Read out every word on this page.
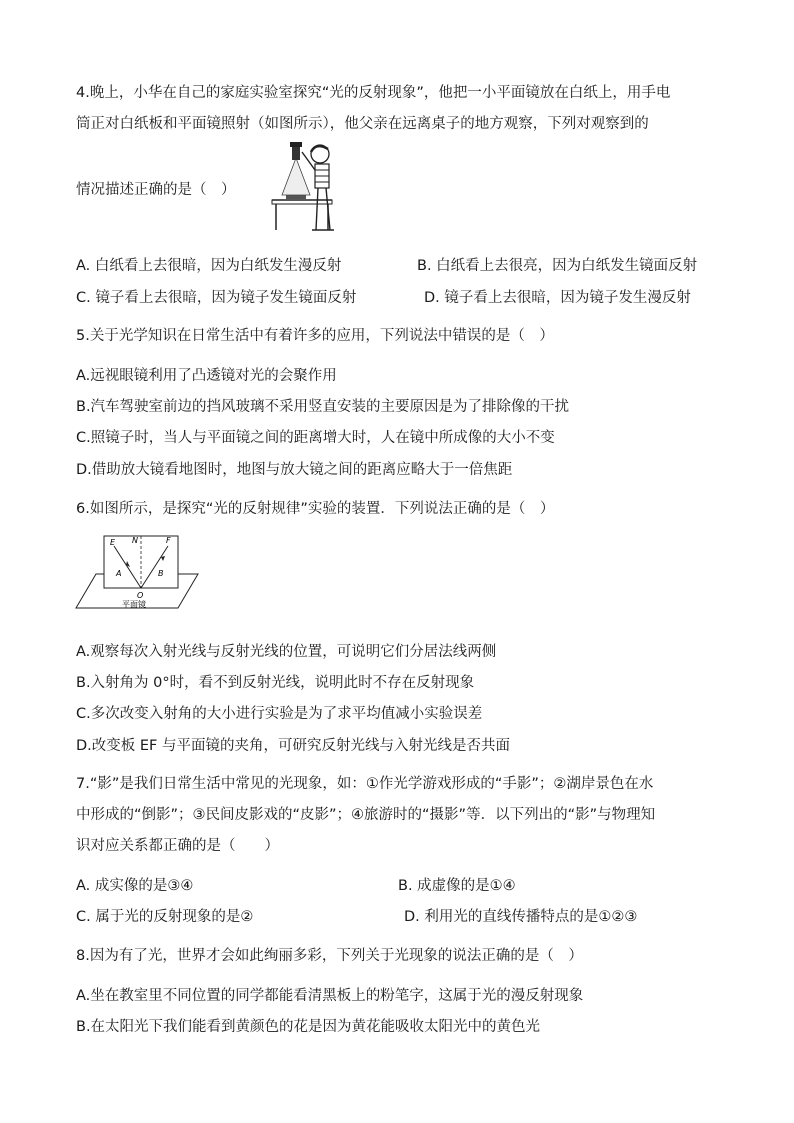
4.晚上，小华在自己的家庭实验室探究“光的反射现象”，他把一小平面镜放在白纸上，用手电
筒正对白纸板和平面镜照射（如图所示），他父亲在远离桌子的地方观察，下列对观察到的
情况描述正确的是（　）
A. 白纸看上去很暗，因为白纸发生漫反射	B. 白纸看上去很亮，因为白纸发生镜面反射
C. 镜子看上去很暗，因为镜子发生镜面反射	D. 镜子看上去很暗，因为镜子发生漫反射
5.关于光学知识在日常生活中有着许多的应用，下列说法中错误的是（　）
A.远视眼镜利用了凸透镜对光的会聚作用
B.汽车驾驶室前边的挡风玻璃不采用竖直安装的主要原因是为了排除像的干扰
C.照镜子时，当人与平面镜之间的距离增大时，人在镜中所成像的大小不变
D.借助放大镜看地图时，地图与放大镜之间的距离应略大于一倍焦距
6.如图所示，是探究“光的反射规律”实验的装置．下列说法正确的是（　）
E N	F
A	B
O
平面镜
A.观察每次入射光线与反射光线的位置，可说明它们分居法线两侧
B.入射角为 0°时，看不到反射光线，说明此时不存在反射现象
C.多次改变入射角的大小进行实验是为了求平均值减小实验误差
D.改变板 EF 与平面镜的夹角，可研究反射光线与入射光线是否共面
7.“影”是我们日常生活中常见的光现象，如：①作光学游戏形成的“手影”；②湖岸景色在水
中形成的“倒影”；③民间皮影戏的“皮影”；④旅游时的“摄影”等．以下列出的“影”与物理知
识对应关系都正确的是（　　）
A. 成实像的是③④	B. 成虚像的是①④
C. 属于光的反射现象的是②	D. 利用光的直线传播特点的是①②③
8.因为有了光，世界才会如此绚丽多彩，下列关于光现象的说法正确的是（　）
A.坐在教室里不同位置的同学都能看清黑板上的粉笔字，这属于光的漫反射现象
B.在太阳光下我们能看到黄颜色的花是因为黄花能吸收太阳光中的黄色光
